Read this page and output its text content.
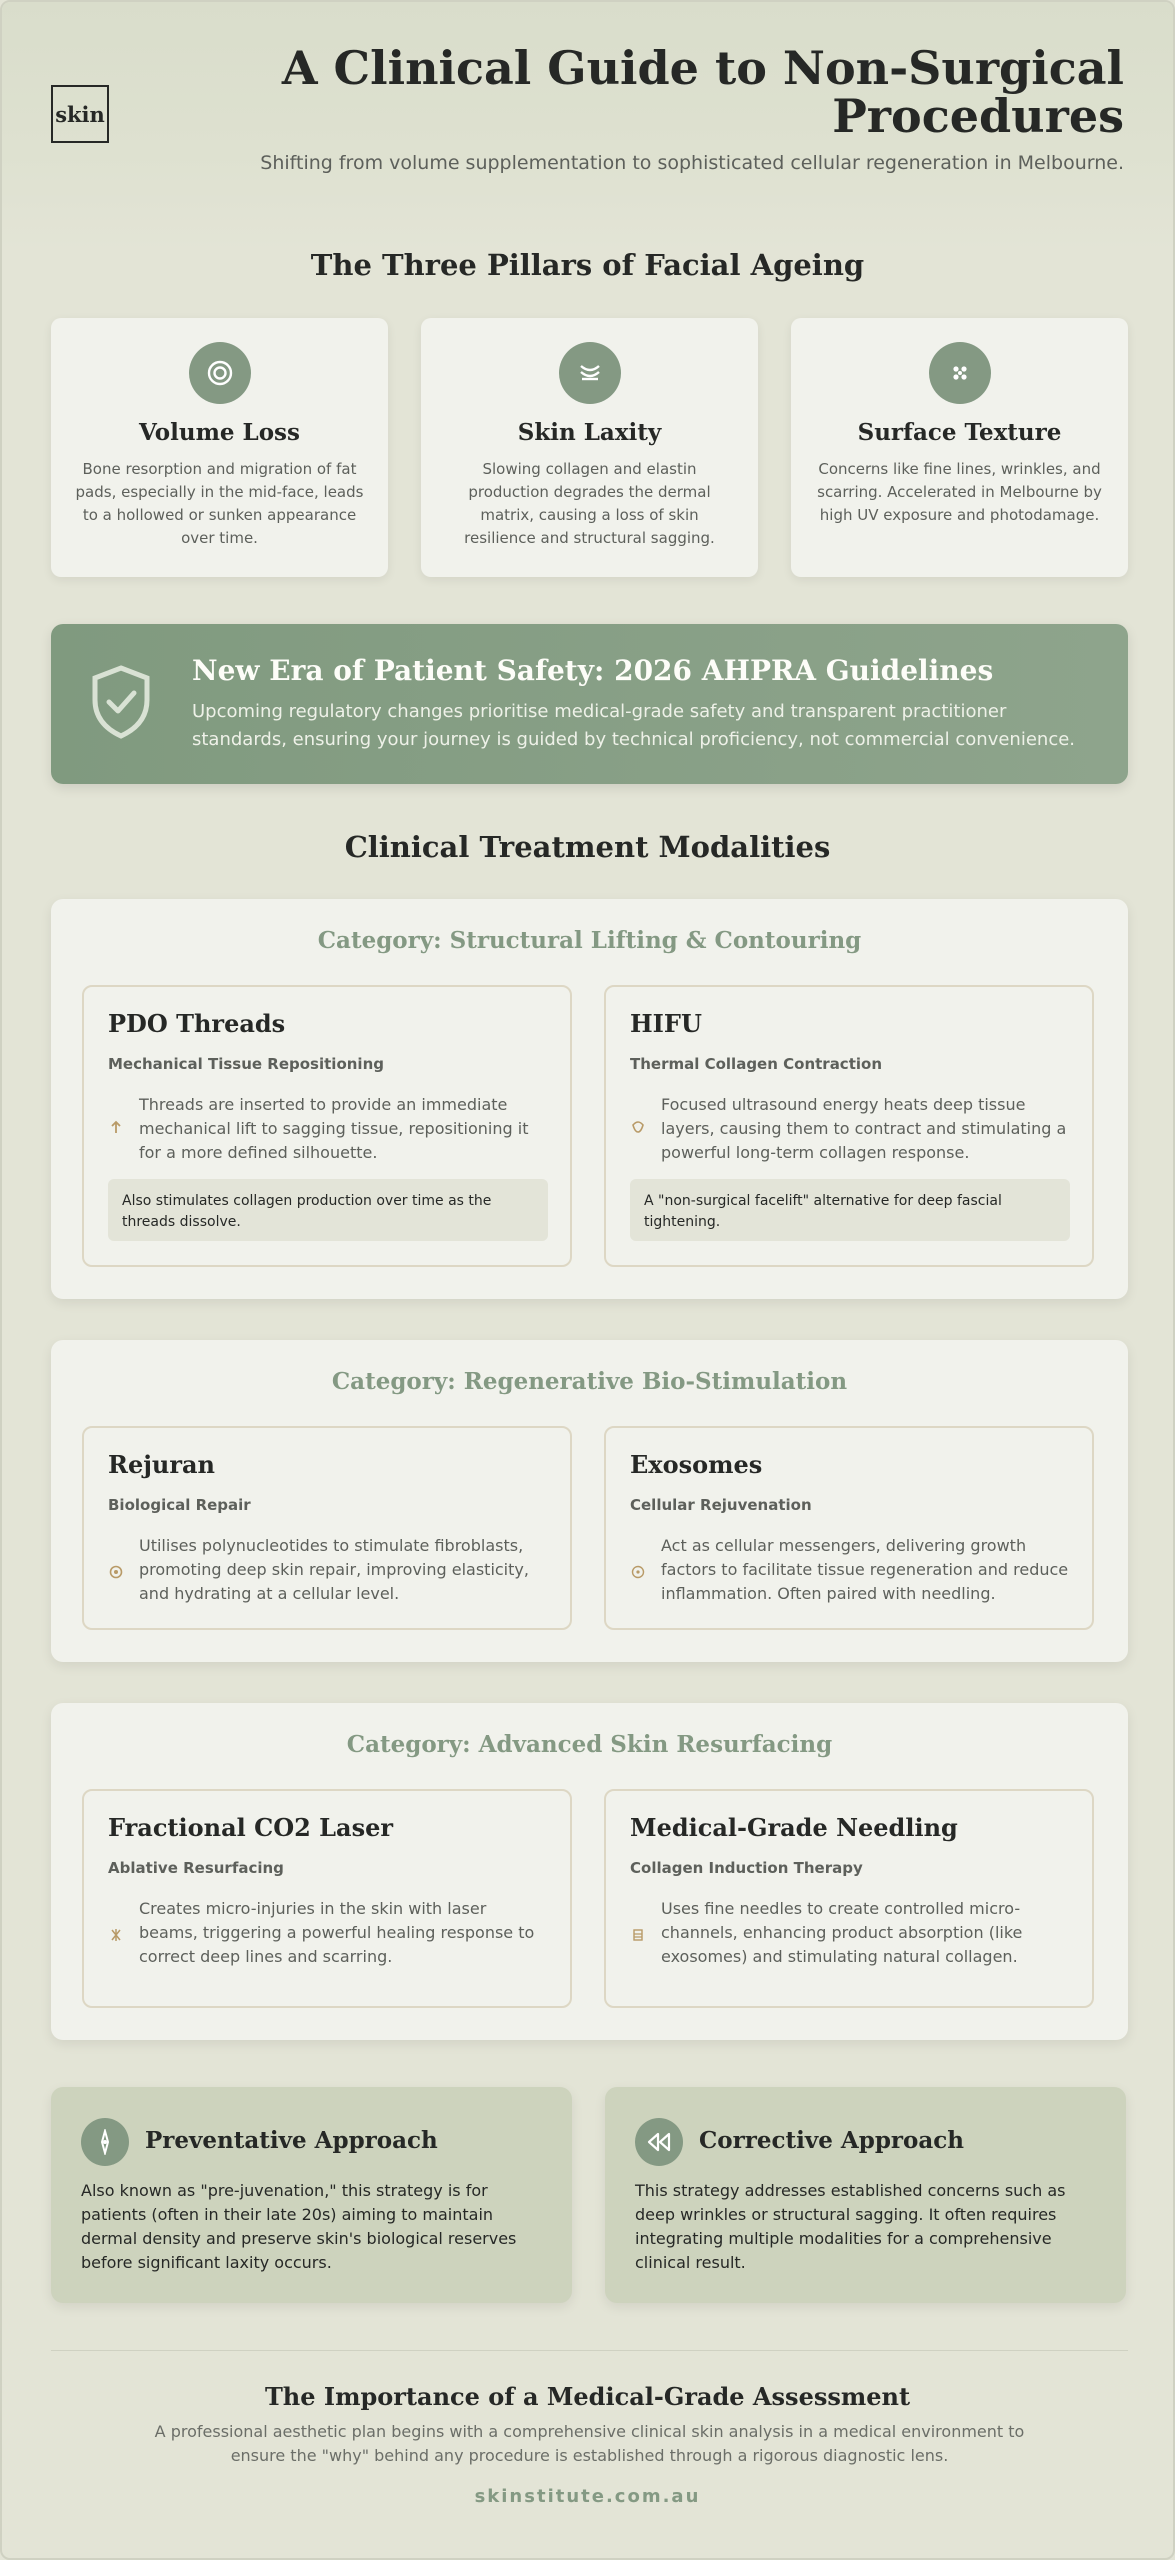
skin
A Clinical Guide to Non-Surgical Procedures
Shifting from volume supplementation to sophisticated cellular regeneration in Melbourne.
The Three Pillars of Facial Ageing
Volume Loss

Bone resorption and migration of fat pads, especially in the mid-face, leads to a hollowed or sunken appearance over time.

Skin Laxity

Slowing collagen and elastin production degrades the dermal matrix, causing a loss of skin resilience and structural sagging.

Surface Texture

Concerns like fine lines, wrinkles, and scarring. Accelerated in Melbourne by high UV exposure and photodamage.

New Era of Patient Safety: 2026 AHPRA Guidelines

Upcoming regulatory changes prioritise medical-grade safety and transparent practitioner standards, ensuring your journey is guided by technical proficiency, not commercial convenience.

Clinical Treatment Modalities
Category: Structural Lifting & Contouring
PDO Threads
Mechanical Tissue Repositioning
Threads are inserted to provide an immediate mechanical lift to sagging tissue, repositioning it for a more defined silhouette.
Also stimulates collagen production over time as the threads dissolve.
HIFU
Thermal Collagen Contraction
Focused ultrasound energy heats deep tissue layers, causing them to contract and stimulating a powerful long-term collagen response.
A "non-surgical facelift" alternative for deep fascial tightening.
Category: Regenerative Bio-Stimulation
Rejuran
Biological Repair
Utilises polynucleotides to stimulate fibroblasts, promoting deep skin repair, improving elasticity, and hydrating at a cellular level.
Exosomes
Cellular Rejuvenation
Act as cellular messengers, delivering growth factors to facilitate tissue regeneration and reduce inflammation. Often paired with needling.
Category: Advanced Skin Resurfacing
Fractional CO2 Laser
Ablative Resurfacing
Creates micro-injuries in the skin with laser beams, triggering a powerful healing response to correct deep lines and scarring.
Medical-Grade Needling
Collagen Induction Therapy
Uses fine needles to create controlled micro-channels, enhancing product absorption (like exosomes) and stimulating natural collagen.
Preventative Approach

Also known as "pre-juvenation," this strategy is for patients (often in their late 20s) aiming to maintain dermal density and preserve skin's biological reserves before significant laxity occurs.

Corrective Approach

This strategy addresses established concerns such as deep wrinkles or structural sagging. It often requires integrating multiple modalities for a comprehensive clinical result.

The Importance of a Medical-Grade Assessment
A professional aesthetic plan begins with a comprehensive clinical skin analysis in a medical environment to ensure the "why" behind any procedure is established through a rigorous diagnostic lens.
skinstitute.com.au
